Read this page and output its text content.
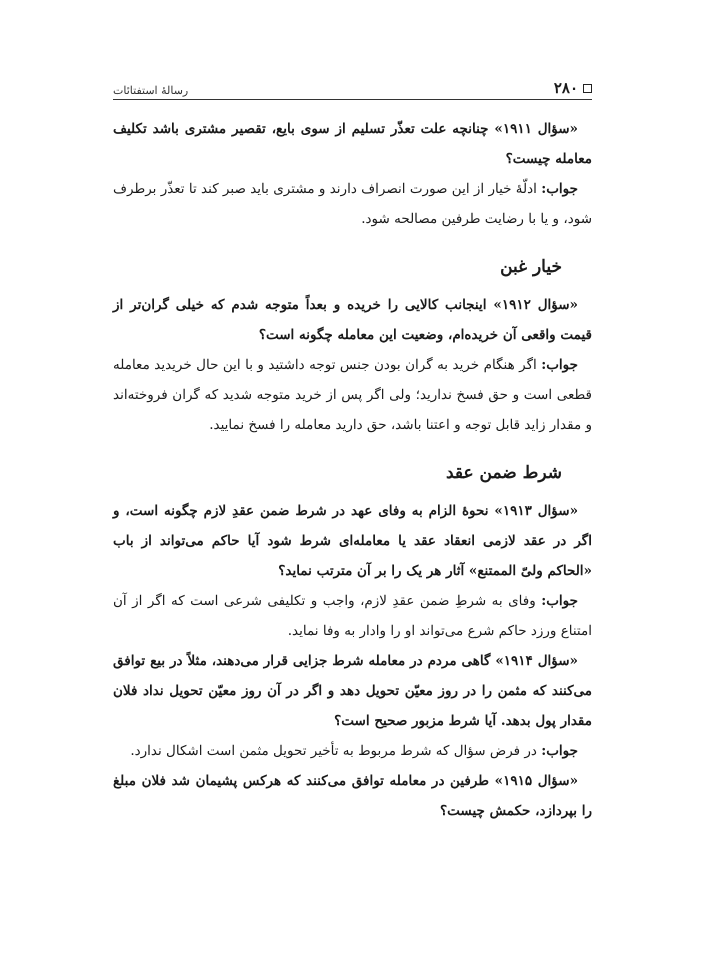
۲۸۰
رسالهٔ استفتائات

«سؤال ۱۹۱۱» چنانچه علت تعذّر تسلیم از سوی بایع، تقصیر مشتری باشد تکلیف معامله چیست؟

جواب: ادلّهٔ خیار از این صورت انصراف دارند و مشتری باید صبر کند تا تعذّر برطرف شود، و یا با رضایت طرفین مصالحه شود.

خیار غبن

«سؤال ۱۹۱۲» اینجانب کالایی را خریده و بعداً متوجه شدم که خیلی گران‌تر از قیمت واقعی آن خریده‌ام، وضعیت این معامله چگونه است؟

جواب: اگر هنگام خرید به گران بودن جنس توجه داشتید و با این حال خریدید معامله قطعی است و حق فسخ ندارید؛ ولی اگر پس از خرید متوجه شدید که گران فروخته‌اند و مقدار زاید قابل توجه و اعتنا باشد، حق دارید معامله را فسخ نمایید.

شرط ضمن عقد

«سؤال ۱۹۱۳» نحوهٔ الزام به وفای عهد در شرط ضمن عقدِ لازم چگونه است، و اگر در عقد لازمی انعقاد عقد یا معامله‌ای شرط شود آیا حاکم می‌تواند از باب «الحاکم ولیّ الممتنع» آثار هر یک را بر آن مترتب نماید؟

جواب: وفای به شرطِ ضمن عقدِ لازم، واجب و تکلیفی شرعی است که اگر از آن امتناع ورزد حاکم شرع می‌تواند او را وادار به وفا نماید.

«سؤال ۱۹۱۴» گاهی مردم در معامله شرط جزایی قرار می‌دهند، مثلاً در بیع توافق می‌کنند که مثمن را در روز معیّن تحویل دهد و اگر در آن روز معیّن تحویل نداد فلان مقدار پول بدهد. آیا شرط مزبور صحیح است؟

جواب: در فرض سؤال که شرط مربوط به تأخیر تحویل مثمن است اشکال ندارد.

«سؤال ۱۹۱۵» طرفین در معامله توافق می‌کنند که هرکس پشیمان شد فلان مبلغ را بپردازد، حکمش چیست؟
